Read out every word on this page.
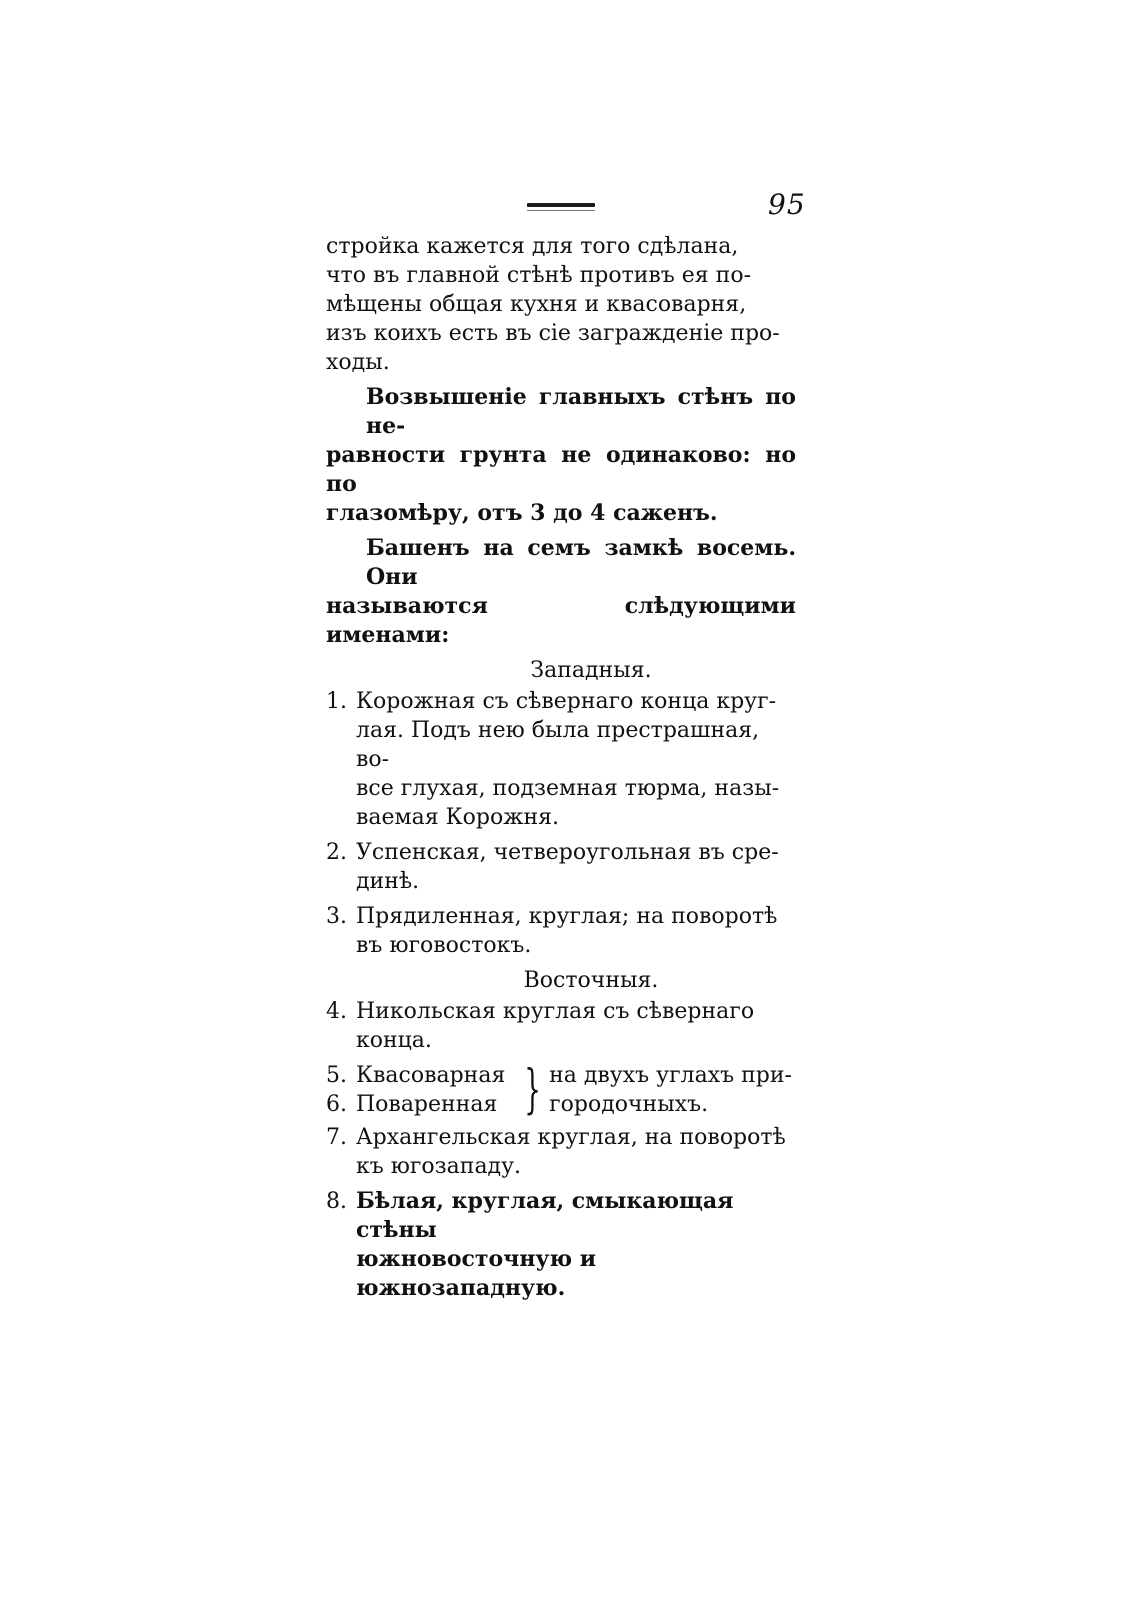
95

стройка кажется для того сдѣлана,
что въ главной стѣнѣ противъ ея по-
мѣщены общая кухня и квасоварня,
изъ коихъ есть въ сіе загражденіе про-
ходы.

Возвышеніе главныхъ стѣнъ по не-
равности грунта не одинаково: но по
глазомѣру, отъ 3 до 4 саженъ.

Башенъ на семъ замкѣ восемь. Они
называются слѣдующими именами:

Западныя.
1. Корожная съ сѣвернаго конца круг-
лая. Подъ нею была престрашная, во-
все глухая, подземная тюрма, назы-
ваемая Корожня.
2. Успенская, четвероугольная въ сре-
динѣ.
3. Прядиленная, круглая; на поворотѣ
въ юговостокъ.
Восточныя.
4. Никольская круглая съ сѣвернаго
конца.
5. Квасоварная
6. Поваренная } на двухъ углахъ при-
городочныхъ.
7. Архангельская круглая, на поворотѣ
къ югозападу.
8. Бѣлая, круглая, смыкающая стѣны
южновосточную и южнозападную.
